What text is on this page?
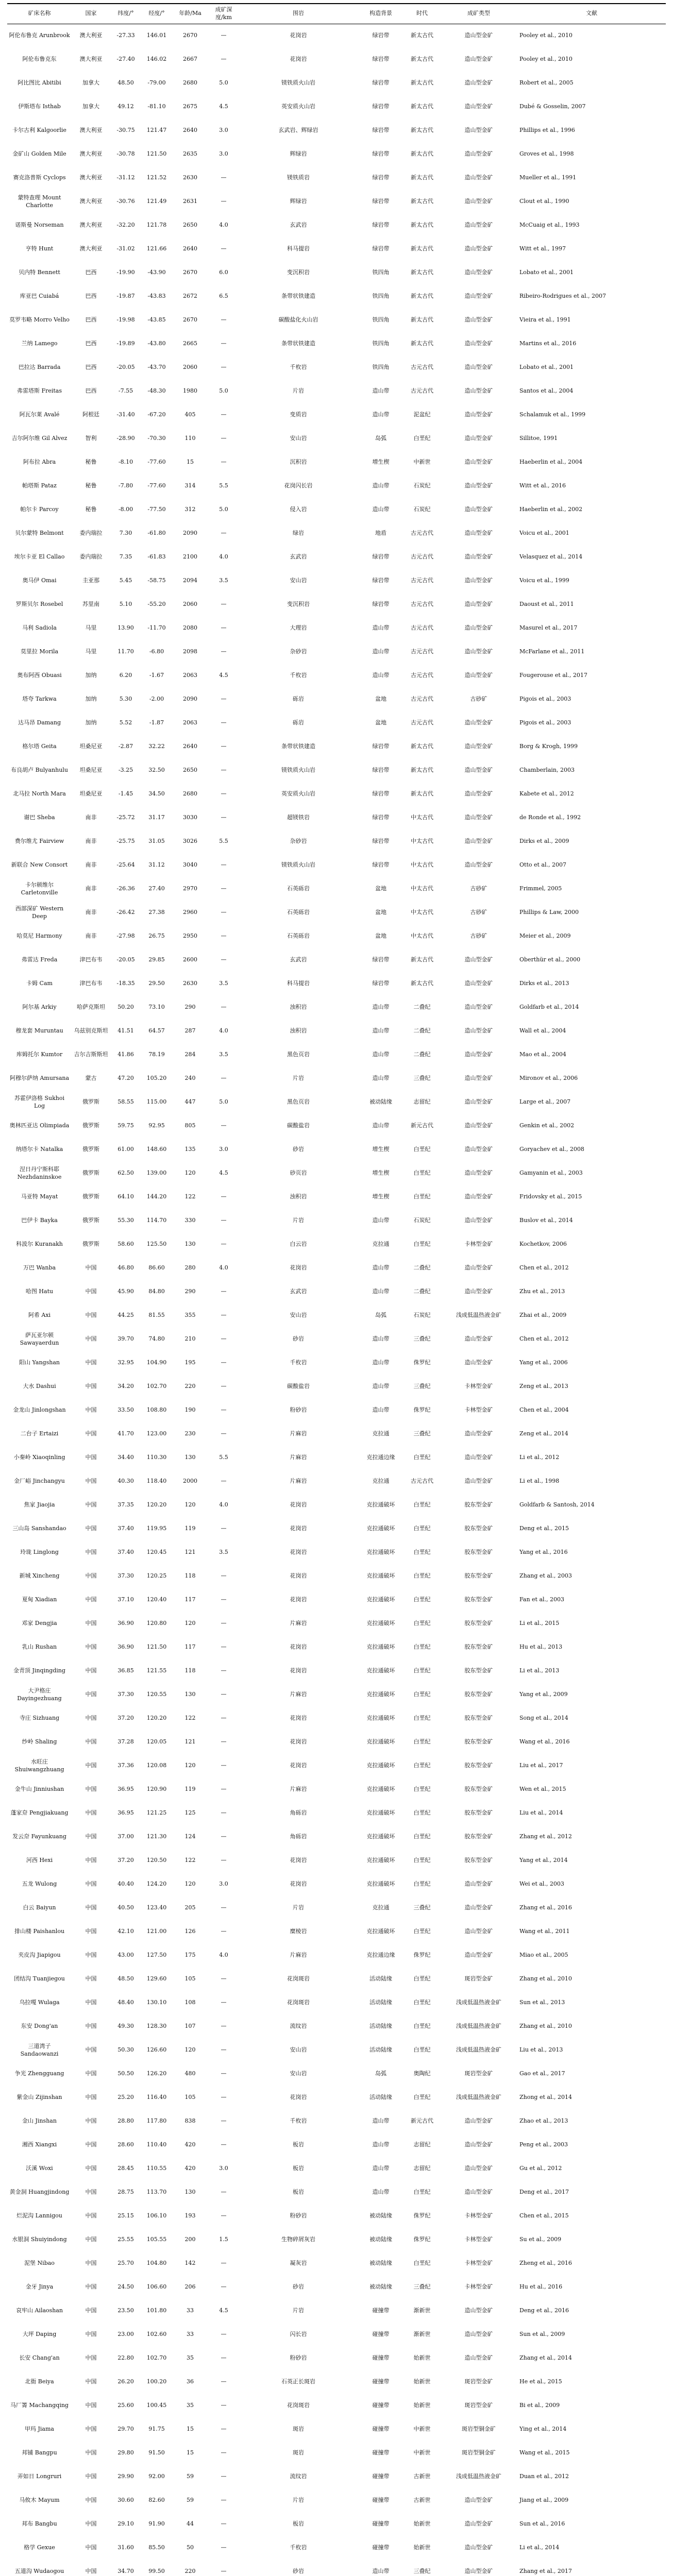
矿床名称	国家	纬度/°	经度/°	年龄/Ma	成矿深度/km	围岩	构造背景	时代	成矿类型	文献
阿伦布鲁克 Arunbrook	澳大利亚	-27.33	146.01	2670	—	花岗岩	绿岩带	新太古代	造山型金矿	Pooley et al., 2010
阿伦布鲁克东	澳大利亚	-27.40	146.02	2667	—	花岗岩	绿岩带	新太古代	造山型金矿	Pooley et al., 2010
阿比图比 Abitibi	加拿大	48.50	-79.00	2680	5.0	镁铁质火山岩	绿岩带	新太古代	造山型金矿	Robert et al., 2005
伊斯塔布 Isthab	加拿大	49.12	-81.10	2675	4.5	英安质火山岩	绿岩带	新太古代	造山型金矿	Dubé & Gosselin, 2007
卡尔古利 Kalgoorlie	澳大利亚	-30.75	121.47	2640	3.0	玄武岩、辉绿岩	绿岩带	新太古代	造山型金矿	Phillips et al., 1996
金矿山 Golden Mile	澳大利亚	-30.78	121.50	2635	3.0	辉绿岩	绿岩带	新太古代	造山型金矿	Groves et al., 1998
赛克洛普斯 Cyclops	澳大利亚	-31.12	121.52	2630	—	镁铁质岩	绿岩带	新太古代	造山型金矿	Mueller et al., 1991
蒙特查理 Mount Charlotte	澳大利亚	-30.76	121.49	2631	—	辉绿岩	绿岩带	新太古代	造山型金矿	Clout et al., 1990
诺斯曼 Norseman	澳大利亚	-32.20	121.78	2650	4.0	玄武岩	绿岩带	新太古代	造山型金矿	McCuaig et al., 1993
亨特 Hunt	澳大利亚	-31.02	121.66	2640	—	科马提岩	绿岩带	新太古代	造山型金矿	Witt et al., 1997
贝内特 Bennett	巴西	-19.90	-43.90	2670	6.0	变沉积岩	铁四角	新太古代	造山型金矿	Lobato et al., 2001
库亚巴 Cuiabá	巴西	-19.87	-43.83	2672	6.5	条带状铁建造	铁四角	新太古代	造山型金矿	Ribeiro-Rodrigues et al., 2007
莫罗韦略 Morro Velho	巴西	-19.98	-43.85	2670	—	碳酸盐化火山岩	铁四角	新太古代	造山型金矿	Vieira et al., 1991
兰纳 Lamego	巴西	-19.89	-43.80	2665	—	条带状铁建造	铁四角	新太古代	造山型金矿	Martins et al., 2016
巴拉达 Barrada	巴西	-20.05	-43.70	2060	—	千枚岩	铁四角	古元古代	造山型金矿	Lobato et al., 2001
弗雷塔斯 Freitas	巴西	-7.55	-48.30	1980	5.0	片岩	造山带	古元古代	造山型金矿	Santos et al., 2004
阿瓦尔莱 Avalé	阿根廷	-31.40	-67.20	405	—	变质岩	造山带	泥盆纪	造山型金矿	Schalamuk et al., 1999
吉尔阿尔维 Gil Alvez	智利	-28.90	-70.30	110	—	安山岩	岛弧	白垩纪	造山型金矿	Sillitoe, 1991
阿布拉 Abra	秘鲁	-8.10	-77.60	15	—	沉积岩	增生楔	中新世	造山型金矿	Haeberlin et al., 2004
帕塔斯 Pataz	秘鲁	-7.80	-77.60	314	5.5	花岗闪长岩	造山带	石炭纪	造山型金矿	Witt et al., 2016
帕尔卡 Parcoy	秘鲁	-8.00	-77.50	312	5.0	侵入岩	造山带	石炭纪	造山型金矿	Haeberlin et al., 2002
贝尔蒙特 Belmont	委内瑞拉	7.30	-61.80	2090	—	绿岩	地盾	古元古代	造山型金矿	Voicu et al., 2001
埃尔卡亚 El Callao	委内瑞拉	7.35	-61.83	2100	4.0	玄武岩	绿岩带	古元古代	造山型金矿	Velasquez et al., 2014
奥马伊 Omai	圭亚那	5.45	-58.75	2094	3.5	安山岩	绿岩带	古元古代	造山型金矿	Voicu et al., 1999
罗斯贝尔 Rosebel	苏里南	5.10	-55.20	2060	—	变沉积岩	绿岩带	古元古代	造山型金矿	Daoust et al., 2011
马利 Sadiola	马里	13.90	-11.70	2080	—	大理岩	造山带	古元古代	造山型金矿	Masurel et al., 2017
莫里拉 Morila	马里	11.70	-6.80	2098	—	杂砂岩	造山带	古元古代	造山型金矿	McFarlane et al., 2011
奥布阿西 Obuasi	加纳	6.20	-1.67	2063	4.5	千枚岩	造山带	古元古代	造山型金矿	Fougerouse et al., 2017
塔夸 Tarkwa	加纳	5.30	-2.00	2090	—	砾岩	盆地	古元古代	古砂矿	Pigois et al., 2003
达马昂 Damang	加纳	5.52	-1.87	2063	—	砾岩	盆地	古元古代	造山型金矿	Pigois et al., 2003
格尔塔 Geita	坦桑尼亚	-2.87	32.22	2640	—	条带状铁建造	绿岩带	新太古代	造山型金矿	Borg & Krogh, 1999
布良胡卢 Bulyanhulu	坦桑尼亚	-3.25	32.50	2650	—	镁铁质火山岩	绿岩带	新太古代	造山型金矿	Chamberlain, 2003
北马拉 North Mara	坦桑尼亚	-1.45	34.50	2680	—	英安质火山岩	绿岩带	新太古代	造山型金矿	Kabete et al., 2012
谢巴 Sheba	南非	-25.72	31.17	3030	—	超镁铁岩	绿岩带	中太古代	造山型金矿	de Ronde et al., 1992
费尔维尤 Fairview	南非	-25.75	31.05	3026	5.5	杂砂岩	绿岩带	中太古代	造山型金矿	Dirks et al., 2009
新联合 New Consort	南非	-25.64	31.12	3040	—	镁铁质火山岩	绿岩带	中太古代	造山型金矿	Otto et al., 2007
卡尔顿维尔 Carletonville	南非	-26.36	27.40	2970	—	石英砾岩	盆地	中太古代	古砂矿	Frimmel, 2005
西部深矿 Western Deep	南非	-26.42	27.38	2960	—	石英砾岩	盆地	中太古代	古砂矿	Phillips & Law, 2000
哈莫尼 Harmony	南非	-27.98	26.75	2950	—	石英砾岩	盆地	中太古代	古砂矿	Meier et al., 2009
弗雷达 Freda	津巴布韦	-20.05	29.85	2600	—	玄武岩	绿岩带	新太古代	造山型金矿	Oberthür et al., 2000
卡姆 Cam	津巴布韦	-18.35	29.50	2630	3.5	科马提岩	绿岩带	新太古代	造山型金矿	Dirks et al., 2013
阿尔基 Arkiy	哈萨克斯坦	50.20	73.10	290	—	浊积岩	造山带	二叠纪	造山型金矿	Goldfarb et al., 2014
穆龙套 Muruntau	乌兹别克斯坦	41.51	64.57	287	4.0	浊积岩	造山带	二叠纪	造山型金矿	Wall et al., 2004
库姆托尔 Kumtor	吉尔吉斯斯坦	41.86	78.19	284	3.5	黑色页岩	造山带	二叠纪	造山型金矿	Mao et al., 2004
阿穆尔萨纳 Amursana	蒙古	47.20	105.20	240	—	片岩	造山带	三叠纪	造山型金矿	Mironov et al., 2006
苏霍伊洛格 Sukhoi Log	俄罗斯	58.55	115.00	447	5.0	黑色页岩	被动陆缘	志留纪	造山型金矿	Large et al., 2007
奥林匹亚达 Olimpiada	俄罗斯	59.75	92.95	805	—	碳酸盐岩	造山带	新元古代	造山型金矿	Genkin et al., 2002
纳塔尔卡 Natalka	俄罗斯	61.00	148.60	135	3.0	砂岩	增生楔	白垩纪	造山型金矿	Goryachev et al., 2008
涅日丹宁斯科耶 Nezhdaninskoe	俄罗斯	62.50	139.00	120	4.5	砂页岩	增生楔	白垩纪	造山型金矿	Gamyanin et al., 2003
马亚特 Mayat	俄罗斯	64.10	144.20	122	—	浊积岩	增生楔	白垩纪	造山型金矿	Fridovsky et al., 2015
巴伊卡 Bayka	俄罗斯	55.30	114.70	330	—	片岩	造山带	石炭纪	造山型金矿	Buslov et al., 2014
科波尔 Kuranakh	俄罗斯	58.60	125.50	130	—	白云岩	克拉通	白垩纪	卡林型金矿	Kochetkov, 2006
万巴 Wanba	中国	46.80	86.60	280	4.0	花岗岩	造山带	二叠纪	造山型金矿	Chen et al., 2012
哈图 Hatu	中国	45.90	84.80	290	—	玄武岩	造山带	二叠纪	造山型金矿	Zhu et al., 2013
阿希 Axi	中国	44.25	81.55	355	—	安山岩	岛弧	石炭纪	浅成低温热液金矿	Zhai et al., 2009
萨瓦亚尔顿 Sawayaerdun	中国	39.70	74.80	210	—	砂岩	造山带	三叠纪	造山型金矿	Chen et al., 2012
阳山 Yangshan	中国	32.95	104.90	195	—	千枚岩	造山带	侏罗纪	造山型金矿	Yang et al., 2006
大水 Dashui	中国	34.20	102.70	220	—	碳酸盐岩	造山带	三叠纪	卡林型金矿	Zeng et al., 2013
金龙山 Jinlongshan	中国	33.50	108.80	190	—	粉砂岩	造山带	侏罗纪	卡林型金矿	Chen et al., 2004
二台子 Ertaizi	中国	41.70	123.00	230	—	片麻岩	克拉通	三叠纪	造山型金矿	Zeng et al., 2014
小秦岭 Xiaoqinling	中国	34.40	110.30	130	5.5	片麻岩	克拉通边缘	白垩纪	造山型金矿	Li et al., 2012
金厂峪 Jinchangyu	中国	40.30	118.40	2000	—	片麻岩	克拉通	古元古代	造山型金矿	Li et al., 1998
焦家 Jiaojia	中国	37.35	120.20	120	4.0	花岗岩	克拉通破坏	白垩纪	胶东型金矿	Goldfarb & Santosh, 2014
三山岛 Sanshandao	中国	37.40	119.95	119	—	花岗岩	克拉通破坏	白垩纪	胶东型金矿	Deng et al., 2015
玲珑 Linglong	中国	37.40	120.45	121	3.5	花岗岩	克拉通破坏	白垩纪	胶东型金矿	Yang et al., 2016
新城 Xincheng	中国	37.30	120.25	118	—	花岗岩	克拉通破坏	白垩纪	胶东型金矿	Zhang et al., 2003
夏甸 Xiadian	中国	37.10	120.40	117	—	花岗岩	克拉通破坏	白垩纪	胶东型金矿	Fan et al., 2003
邓家 Dengjia	中国	36.90	120.80	120	—	片麻岩	克拉通破坏	白垩纪	胶东型金矿	Li et al., 2015
乳山 Rushan	中国	36.90	121.50	117	—	花岗岩	克拉通破坏	白垩纪	胶东型金矿	Hu et al., 2013
金青顶 Jinqingding	中国	36.85	121.55	118	—	花岗岩	克拉通破坏	白垩纪	胶东型金矿	Li et al., 2013
大尹格庄 Dayingezhuang	中国	37.30	120.55	130	—	片麻岩	克拉通破坏	白垩纪	胶东型金矿	Yang et al., 2009
寺庄 Sizhuang	中国	37.20	120.20	122	—	花岗岩	克拉通破坏	白垩纪	胶东型金矿	Song et al., 2014
纱岭 Shaling	中国	37.28	120.05	121	—	花岗岩	克拉通破坏	白垩纪	胶东型金矿	Wang et al., 2016
水旺庄 Shuiwangzhuang	中国	37.36	120.08	120	—	花岗岩	克拉通破坏	白垩纪	胶东型金矿	Liu et al., 2017
金牛山 Jinniushan	中国	36.95	120.90	119	—	片麻岩	克拉通破坏	白垩纪	胶东型金矿	Wen et al., 2015
蓬家夼 Pengjiakuang	中国	36.95	121.25	125	—	角砾岩	克拉通破坏	白垩纪	胶东型金矿	Liu et al., 2014
发云夼 Fayunkuang	中国	37.00	121.30	124	—	角砾岩	克拉通破坏	白垩纪	胶东型金矿	Zhang et al., 2012
河西 Hexi	中国	37.20	120.50	122	—	花岗岩	克拉通破坏	白垩纪	胶东型金矿	Yang et al., 2014
五龙 Wulong	中国	40.40	124.20	120	3.0	花岗岩	克拉通破坏	白垩纪	造山型金矿	Wei et al., 2003
白云 Baiyun	中国	40.50	123.40	205	—	片岩	克拉通	三叠纪	造山型金矿	Zhang et al., 2016
排山楼 Paishanlou	中国	42.10	121.00	126	—	糜棱岩	克拉通破坏	白垩纪	造山型金矿	Wang et al., 2011
夹皮沟 Jiapigou	中国	43.00	127.50	175	4.0	片麻岩	克拉通边缘	侏罗纪	造山型金矿	Miao et al., 2005
团结沟 Tuanjiegou	中国	48.50	129.60	105	—	花岗斑岩	活动陆缘	白垩纪	斑岩型金矿	Zhang et al., 2010
乌拉嘎 Wulaga	中国	48.40	130.10	108	—	花岗斑岩	活动陆缘	白垩纪	浅成低温热液金矿	Sun et al., 2013
东安 Dong'an	中国	49.30	128.30	107	—	流纹岩	活动陆缘	白垩纪	浅成低温热液金矿	Zhang et al., 2010
三道湾子 Sandaowanzi	中国	50.30	126.60	120	—	安山岩	活动陆缘	白垩纪	浅成低温热液金矿	Liu et al., 2013
争光 Zhengguang	中国	50.50	126.20	480	—	安山岩	岛弧	奥陶纪	斑岩型金矿	Gao et al., 2017
紫金山 Zijinshan	中国	25.20	116.40	105	—	花岗岩	活动陆缘	白垩纪	浅成低温热液金矿	Zhong et al., 2014
金山 Jinshan	中国	28.80	117.80	838	—	千枚岩	造山带	新元古代	造山型金矿	Zhao et al., 2013
湘西 Xiangxi	中国	28.60	110.40	420	—	板岩	造山带	志留纪	造山型金矿	Peng et al., 2003
沃溪 Woxi	中国	28.45	110.55	420	3.0	板岩	造山带	志留纪	造山型金矿	Gu et al., 2012
黄金洞 Huangjindong	中国	28.75	113.70	130	—	板岩	造山带	白垩纪	造山型金矿	Deng et al., 2017
烂泥沟 Lannigou	中国	25.15	106.10	193	—	粉砂岩	被动陆缘	侏罗纪	卡林型金矿	Chen et al., 2015
水银洞 Shuiyindong	中国	25.55	105.55	200	1.5	生物碎屑灰岩	被动陆缘	侏罗纪	卡林型金矿	Su et al., 2009
泥堡 Nibao	中国	25.70	104.80	142	—	凝灰岩	被动陆缘	白垩纪	卡林型金矿	Zheng et al., 2016
金牙 Jinya	中国	24.50	106.60	206	—	砂岩	被动陆缘	三叠纪	卡林型金矿	Hu et al., 2016
哀牢山 Ailaoshan	中国	23.50	101.80	33	4.5	片岩	碰撞带	渐新世	造山型金矿	Deng et al., 2016
大坪 Daping	中国	23.00	102.60	33	—	闪长岩	碰撞带	渐新世	造山型金矿	Sun et al., 2009
长安 Chang'an	中国	22.80	102.70	35	—	粉砂岩	碰撞带	始新世	造山型金矿	Zhang et al., 2014
北衙 Beiya	中国	26.20	100.20	36	—	石英正长斑岩	碰撞带	始新世	斑岩型金矿	He et al., 2015
马厂箐 Machangqing	中国	25.60	100.45	35	—	花岗斑岩	碰撞带	始新世	斑岩型金矿	Bi et al., 2009
甲玛 Jiama	中国	29.70	91.75	15	—	斑岩	碰撞带	中新世	斑岩型铜金矿	Ying et al., 2014
邦铺 Bangpu	中国	29.80	91.50	15	—	斑岩	碰撞带	中新世	斑岩型铜金矿	Wang et al., 2015
弄如日 Longruri	中国	29.90	92.00	59	—	流纹岩	碰撞带	古新世	浅成低温热液金矿	Duan et al., 2012
马攸木 Mayum	中国	30.60	82.60	59	—	片岩	碰撞带	古新世	造山型金矿	Jiang et al., 2009
邦布 Bangbu	中国	29.10	91.90	44	—	板岩	碰撞带	始新世	造山型金矿	Sun et al., 2016
格学 Gexue	中国	31.60	85.50	50	—	千枚岩	碰撞带	始新世	造山型金矿	Li et al., 2014
五道沟 Wudaogou	中国	34.70	99.50	220	—	砂岩	造山带	三叠纪	造山型金矿	Zhang et al., 2017
